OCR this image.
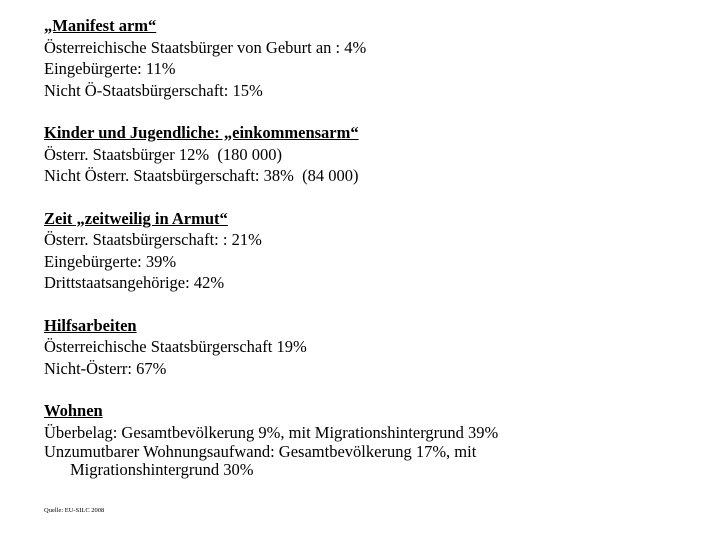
„Manifest arm“
Österreichische Staatsbürger von Geburt an : 4%
Eingebürgerte: 11%
Nicht Ö-Staatsbürgerschaft: 15%
Kinder und Jugendliche: „einkommensarm“
Österr. Staatsbürger 12%  (180 000)
Nicht Österr. Staatsbürgerschaft: 38%  (84 000)
Zeit „zeitweilig in Armut“
Österr. Staatsbürgerschaft: : 21%
Eingebürgerte: 39%
Drittstaatsangehörige: 42%
Hilfsarbeiten
Österreichische Staatsbürgerschaft 19%
Nicht-Österr: 67%
Wohnen
Überbelag: Gesamtbevölkerung 9%, mit Migrationshintergrund 39%
Unzumutbarer Wohnungsaufwand: Gesamtbevölkerung 17%, mit
Migrationshintergrund 30%
Quelle: EU-SILC 2008
